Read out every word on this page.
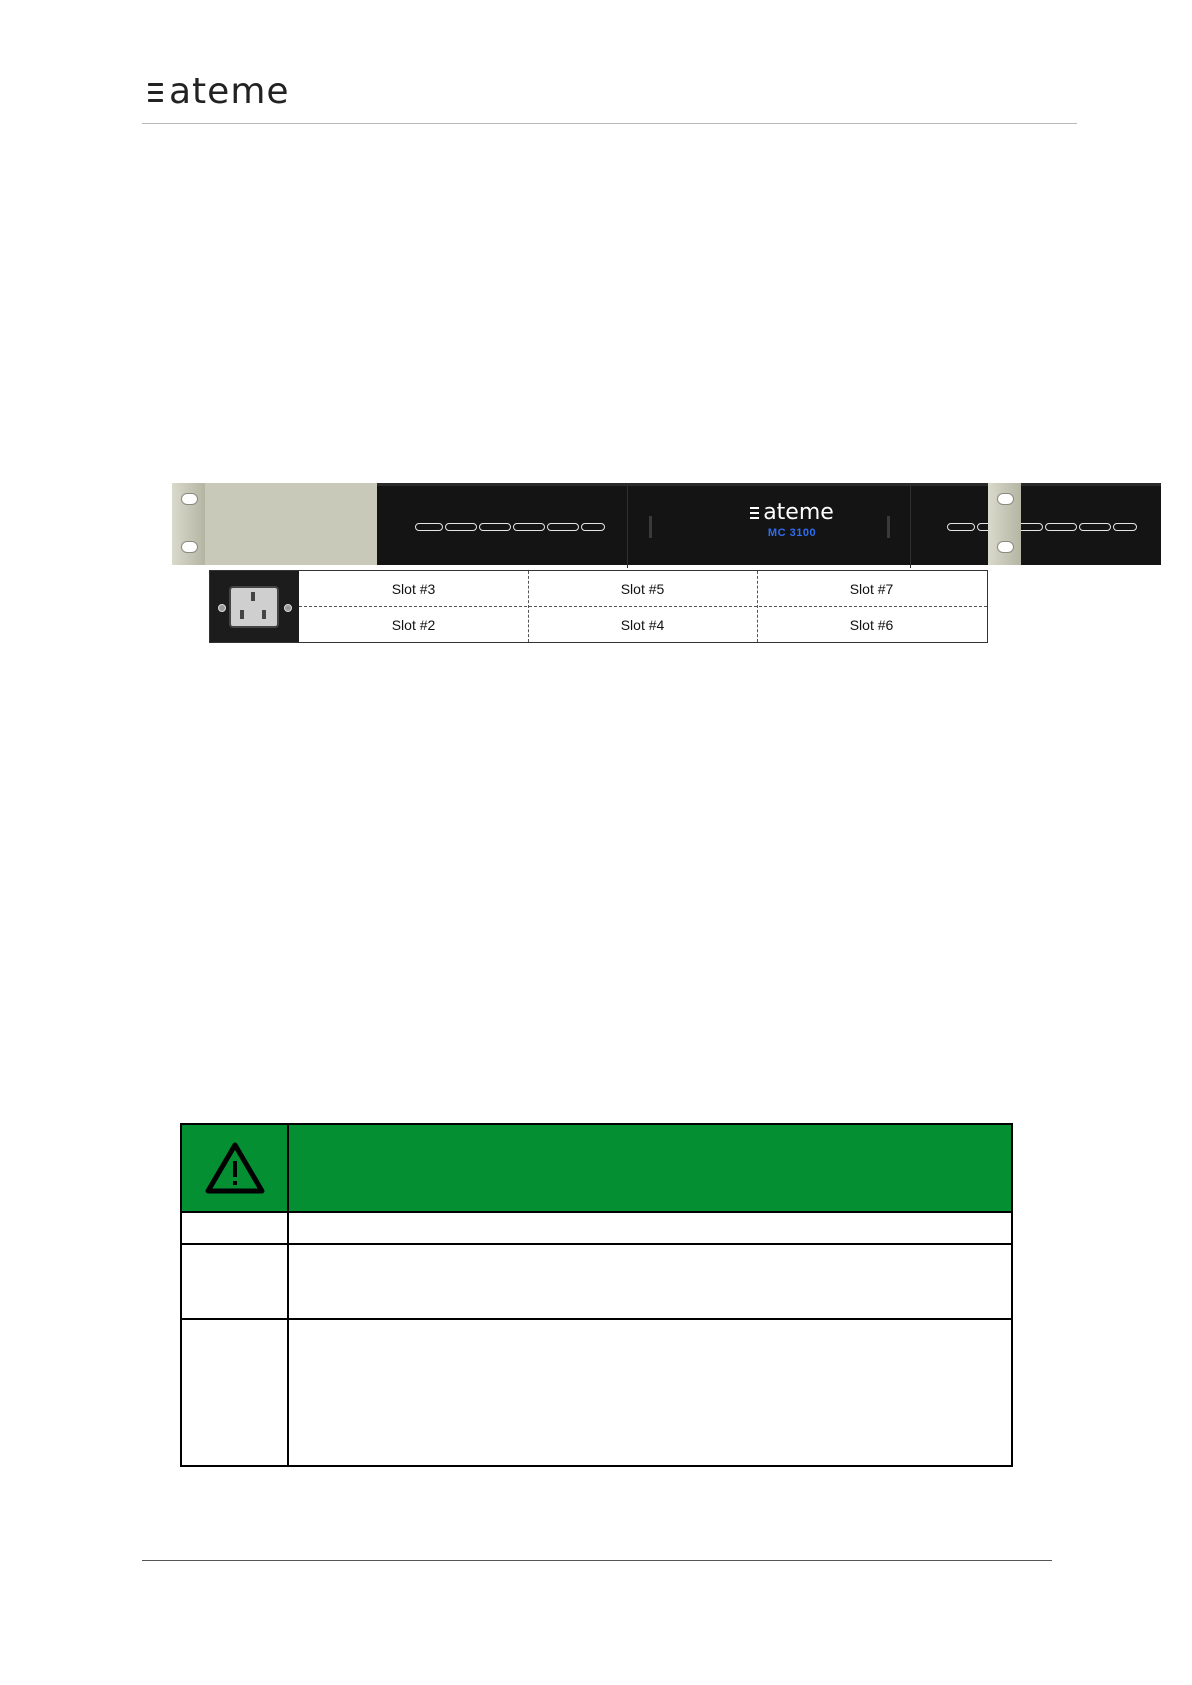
ateme
ateme
MC 3100
Slot #3	Slot #5	Slot #7
Slot #2	Slot #4	Slot #6
